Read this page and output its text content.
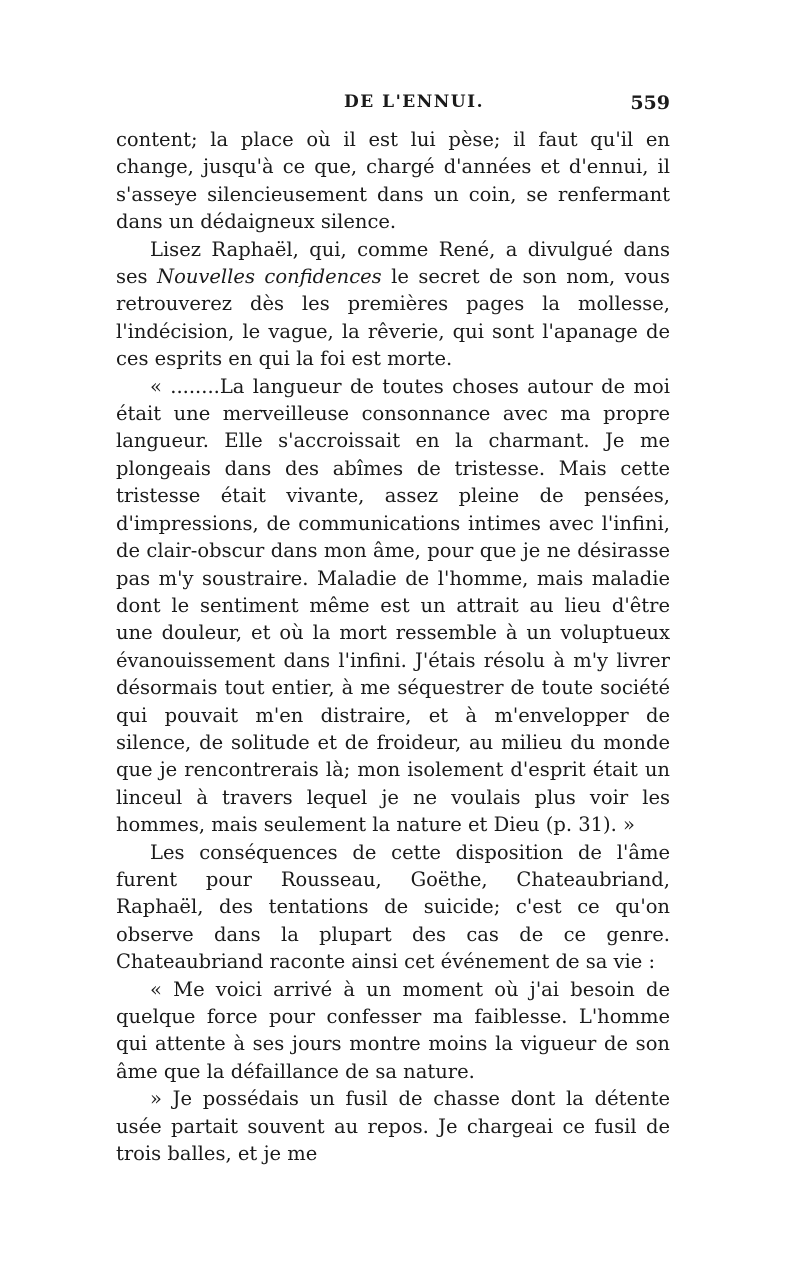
DE L'ENNUI.	559

content; la place où il est lui pèse; il faut qu'il en change, jusqu'à ce que, chargé d'années et d'ennui, il s'asseye silencieusement dans un coin, se renfermant dans un dédaigneux silence.

Lisez Raphaël, qui, comme René, a divulgué dans ses Nouvelles confidences le secret de son nom, vous retrouverez dès les premières pages la mollesse, l'indécision, le vague, la rêverie, qui sont l'apanage de ces esprits en qui la foi est morte.

« ........La langueur de toutes choses autour de moi était une merveilleuse consonnance avec ma propre langueur. Elle s'accroissait en la charmant. Je me plongeais dans des abîmes de tristesse. Mais cette tristesse était vivante, assez pleine de pensées, d'impressions, de communications intimes avec l'infini, de clair-obscur dans mon âme, pour que je ne désirasse pas m'y soustraire. Maladie de l'homme, mais maladie dont le sentiment même est un attrait au lieu d'être une douleur, et où la mort ressemble à un voluptueux évanouissement dans l'infini. J'étais résolu à m'y livrer désormais tout entier, à me séquestrer de toute société qui pouvait m'en distraire, et à m'envelopper de silence, de solitude et de froideur, au milieu du monde que je rencontrerais là; mon isolement d'esprit était un linceul à travers lequel je ne voulais plus voir les hommes, mais seulement la nature et Dieu (p. 31). »

Les conséquences de cette disposition de l'âme furent pour Rousseau, Goëthe, Chateaubriand, Raphaël, des tentations de suicide; c'est ce qu'on observe dans la plupart des cas de ce genre. Chateaubriand raconte ainsi cet événement de sa vie :

« Me voici arrivé à un moment où j'ai besoin de quelque force pour confesser ma faiblesse. L'homme qui attente à ses jours montre moins la vigueur de son âme que la défaillance de sa nature.

» Je possédais un fusil de chasse dont la détente usée partait souvent au repos. Je chargeai ce fusil de trois balles, et je me
